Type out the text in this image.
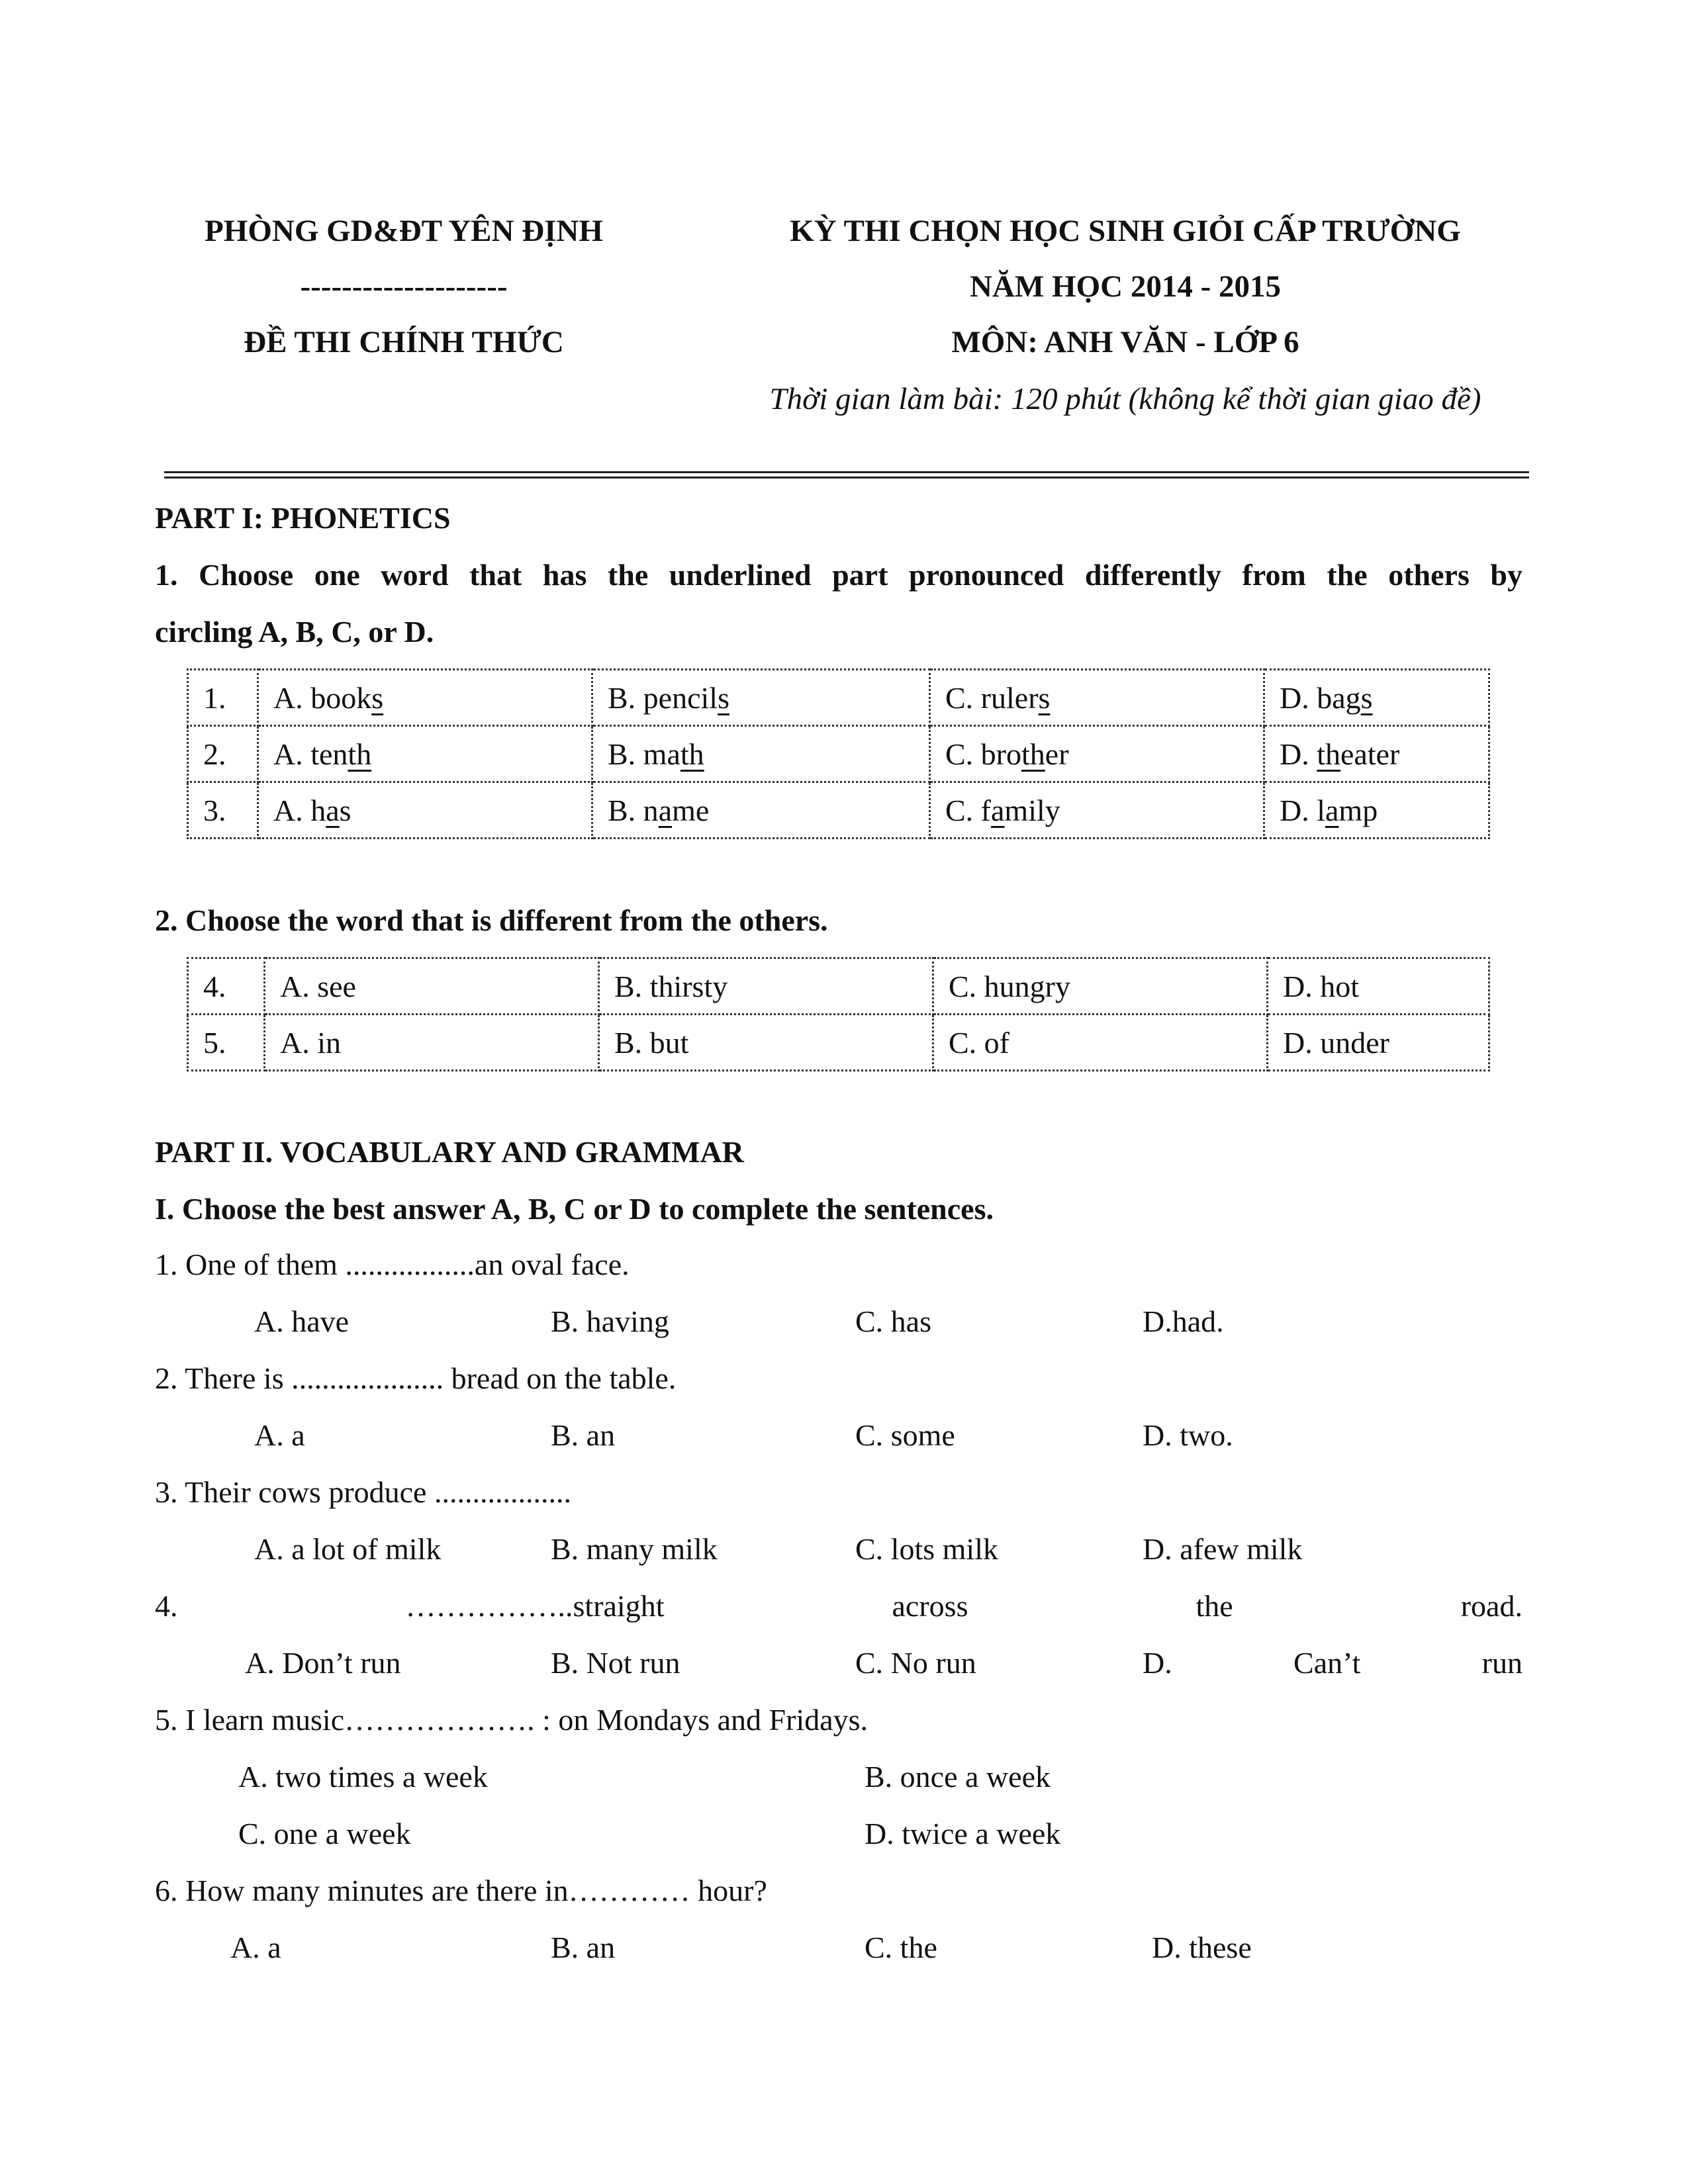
PHÒNG GD&ĐT YÊN ĐỊNH
--------------------
ĐỀ THI CHÍNH THỨC
KỲ THI CHỌN HỌC SINH GIỎI CẤP TRƯỜNG
NĂM HỌC 2014 - 2015
MÔN: ANH VĂN - LỚP 6
Thời gian làm bài: 120 phút (không kể thời gian giao đề)
PART I: PHONETICS
1. Choose one word that has the underlined part pronounced differently from the others by
circling A, B, C, or D.
1.	A. books	B. pencils	C. rulers	D. bags
2.	A. tenth	B. math	C. brother	D. theater
3.	A. has	B. name	C. family	D. lamp
2. Choose the word that is different from the others.
4.	A. see	B. thirsty	C. hungry	D. hot
5.	A. in	B. but	C. of	D. under
PART II. VOCABULARY AND GRAMMAR
I. Choose the best answer A, B, C or D to complete the sentences.
1. One of them .................an oval face.
A. have	B. having	C. has	D.had.
2. There is .................... bread on the table.
A. a	B. an	C. some	D. two.
3. Their cows produce ..................
A. a lot of milk	B. many milk	C. lots milk	D. afew milk
4.	……………..straight	across	the	road.
A. Don’t run	B. Not run	C. No run	D.	Can’t	run
5. I learn music………………. : on Mondays and Fridays.
A. two times a week	B. once a week
C. one a week	D. twice a week
6. How many minutes are there in………… hour?
A. a	B. an	C. the	D. these
